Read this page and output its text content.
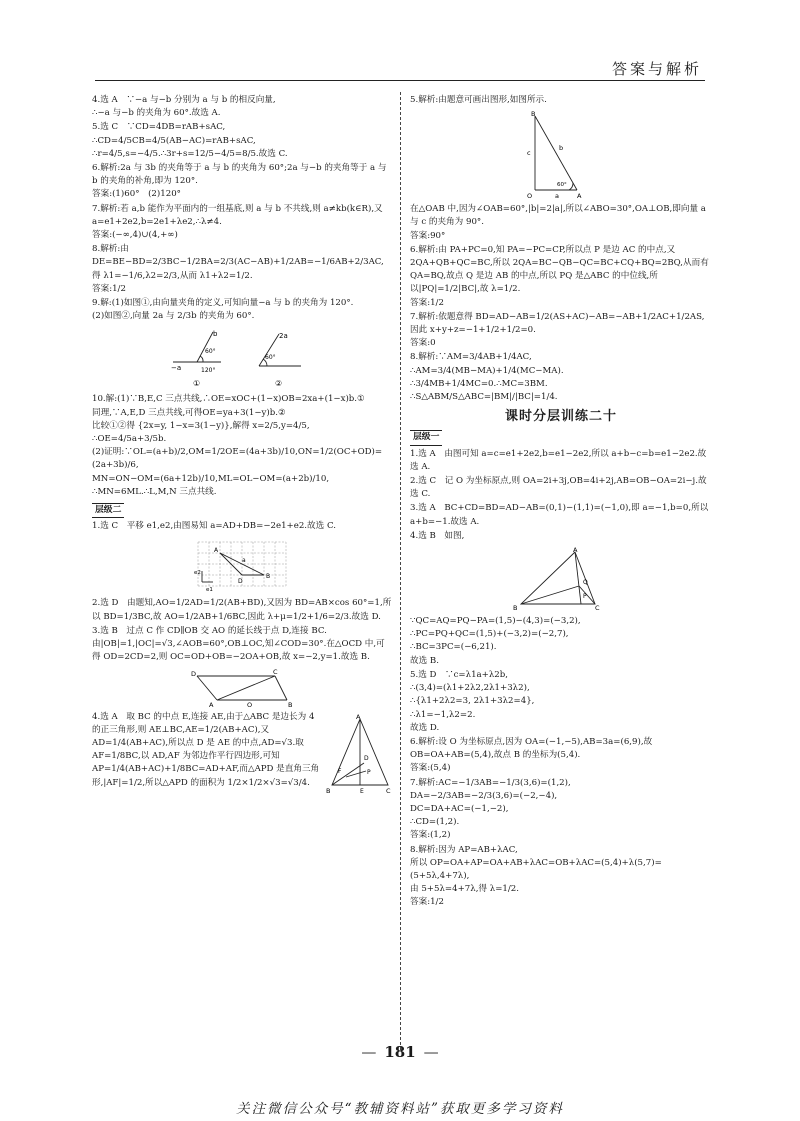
答案与解析
4.选 A　∵−a 与−b 分别为 a 与 b 的相反向量,
∴−a 与−b 的夹角为 60°.故选 A.
5.选 C　∵CD=4DB=rAB+sAC,
∴CD=4/5CB=4/5(AB−AC)=rAB+sAC,
∴r=4/5,s=−4/5.∴3r+s=12/5−4/5=8/5.故选 C.
6.解析:2a 与 3b 的夹角等于 a 与 b 的夹角为 60°;2a 与−b 的夹角等于 a 与 b 的夹角的补角,即为 120°.
答案:(1)60°　(2)120°
7.解析:若 a,b 能作为平面内的一组基底,则 a 与 b 不共线,则 a≠kb(k∈R),又 a=e1+2e2,b=2e1+λe2,∴λ≠4.
答案:(−∞,4)∪(4,+∞)
8.解析:由 DE=BE−BD=2/3BC−1/2BA=2/3(AC−AB)+1/2AB=−1/6AB+2/3AC,得 λ1=−1/6,λ2=2/3,从而 λ1+λ2=1/2.
答案:1/2
9.解:(1)如图①,由向量夹角的定义,可知向量−a 与 b 的夹角为 120°.
(2)如图②,向量 2a 与 2/3b 的夹角为 60°.
−a
b
60°
120°
2a
60°
①	②
10.解:(1)∵B,E,C 三点共线,∴OE=xOC+(1−x)OB=2xa+(1−x)b.①
同理,∵A,E,D 三点共线,可得OE=ya+3(1−y)b.②
比较①②得 {2x=y, 1−x=3(1−y)},解得 x=2/5,y=4/5,
∴OE=4/5a+3/5b.
(2)证明:∵OL=(a+b)/2,OM=1/2OE=(4a+3b)/10,ON=1/2(OC+OD)=(2a+3b)/6,
MN=ON−OM=(6a+12b)/10,ML=OL−OM=(a+2b)/10,
∴MN=6ML.∴L,M,N 三点共线.
层级二
1.选 C　平移 e1,e2,由图易知 a=AD+DB=−2e1+e2.故选 C.
A
B
D
a
e1
e2
2.选 D　由题知,AO=1/2AD=1/2(AB+BD),又因为 BD=AB×cos 60°=1,所以 BD=1/3BC,故 AO=1/2AB+1/6BC,因此 λ+μ=1/2+1/6=2/3.故选 D.
3.选 B　过点 C 作 CD∥OB 交 AO 的延长线于点 D,连接 BC.由|OB|=1,|OC|=√3,∠AOB=60°,OB⊥OC,知∠COD=30°.在△OCD 中,可得 OD=2CD=2,则 OC=OD+OB=−2OA+OB,故 x=−2,y=1.故选 B.
D	C
A	O	B
A
B	C
D
E
F	P
4.选 A　取 BC 的中点 E,连接 AE,由于△ABC 是边长为 4 的正三角形,则 AE⊥BC,AE=1/2(AB+AC),又 AD=1/4(AB+AC),所以点 D 是 AE 的中点,AD=√3.取 AF=1/8BC,以 AD,AF 为邻边作平行四边形,可知 AP=1/4(AB+AC)+1/8BC=AD+AF,而△APD 是直角三角形,|AF|=1/2,所以△APD 的面积为 1/2×1/2×√3=√3/4.
5.解析:由题意可画出图形,如图所示.
B
O	A
a
b
c
60°
在△OAB 中,因为∠OAB=60°,|b|=2|a|,所以∠ABO=30°,OA⊥OB,即向量 a 与 c 的夹角为 90°.
答案:90°
6.解析:由 PA+PC=0,知 PA=−PC=CP,所以点 P 是边 AC 的中点,又 2QA+QB+QC=BC,所以 2QA=BC−QB−QC=BC+CQ+BQ=2BQ,从而有 QA=BQ,故点 Q 是边 AB 的中点,所以 PQ 是△ABC 的中位线,所以|PQ|=1/2|BC|,故 λ=1/2.
答案:1/2
7.解析:依题意得 BD=AD−AB=1/2(AS+AC)−AB=−AB+1/2AC+1/2AS,因此 x+y+z=−1+1/2+1/2=0.
答案:0
8.解析:∵AM=3/4AB+1/4AC,
∴AM=3/4(MB−MA)+1/4(MC−MA).
∴3/4MB+1/4MC=0.∴MC=3BM.
∴S△ABM/S△ABC=|BM|/|BC|=1/4.
课时分层训练二十
层级一
1.选 A　由图可知 a=c=e1+2e2,b=e1−2e2,所以 a+b−c=b=e1−2e2.故选 A.
2.选 C　记 O 为坐标原点,则 OA=2i+3j,OB=4i+2j,AB=OB−OA=2i−j.故选 C.
3.选 A　BC+CD=BD=AD−AB=(0,1)−(1,1)=(−1,0),即 a=−1,b=0,所以 a+b=−1.故选 A.
4.选 B　如图,
A
B	C
Q
P
∵QC=AQ=PQ−PA=(1,5)−(4,3)=(−3,2),
∴PC=PQ+QC=(1,5)+(−3,2)=(−2,7),
∴BC=3PC=(−6,21).
故选 B.
5.选 D　∵c=λ1a+λ2b,
∴(3,4)=(λ1+2λ2,2λ1+3λ2),
∴{λ1+2λ2=3, 2λ1+3λ2=4},
∴λ1=−1,λ2=2.
故选 D.
6.解析:设 O 为坐标原点,因为 OA=(−1,−5),AB=3a=(6,9),故 OB=OA+AB=(5,4),故点 B 的坐标为(5,4).
答案:(5,4)
7.解析:AC=−1/3AB=−1/3(3,6)=(1,2),
DA=−2/3AB=−2/3(3,6)=(−2,−4),
DC=DA+AC=(−1,−2),
∴CD=(1,2).
答案:(1,2)
8.解析:因为 AP=AB+λAC,
所以 OP=OA+AP=OA+AB+λAC=OB+λAC=(5,4)+λ(5,7)=(5+5λ,4+7λ),
由 5+5λ=4+7λ,得 λ=1/2.
答案:1/2
— 181 —
关注微信公众号“教辅资料站”获取更多学习资料
